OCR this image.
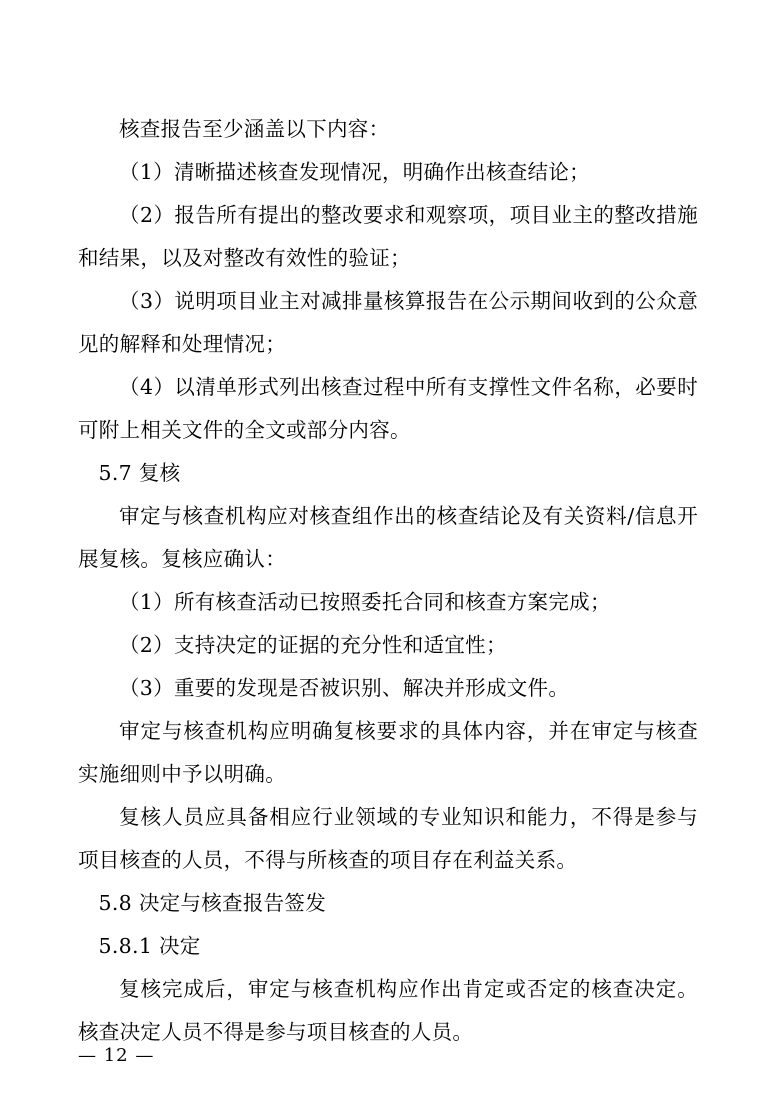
核查报告至少涵盖以下内容：

（1）清晰描述核查发现情况，明确作出核查结论；

（2）报告所有提出的整改要求和观察项，项目业主的整改措施和结果，以及对整改有效性的验证；

（3）说明项目业主对减排量核算报告在公示期间收到的公众意见的解释和处理情况；

（4）以清单形式列出核查过程中所有支撑性文件名称，必要时可附上相关文件的全文或部分内容。

5.7 复核

审定与核查机构应对核查组作出的核查结论及有关资料/信息开展复核。复核应确认：

（1）所有核查活动已按照委托合同和核查方案完成；

（2）支持决定的证据的充分性和适宜性；

（3）重要的发现是否被识别、解决并形成文件。

审定与核查机构应明确复核要求的具体内容，并在审定与核查实施细则中予以明确。

复核人员应具备相应行业领域的专业知识和能力，不得是参与项目核查的人员，不得与所核查的项目存在利益关系。

5.8 决定与核查报告签发

5.8.1 决定

复核完成后，审定与核查机构应作出肯定或否定的核查决定。核查决定人员不得是参与项目核查的人员。

— 12 —
